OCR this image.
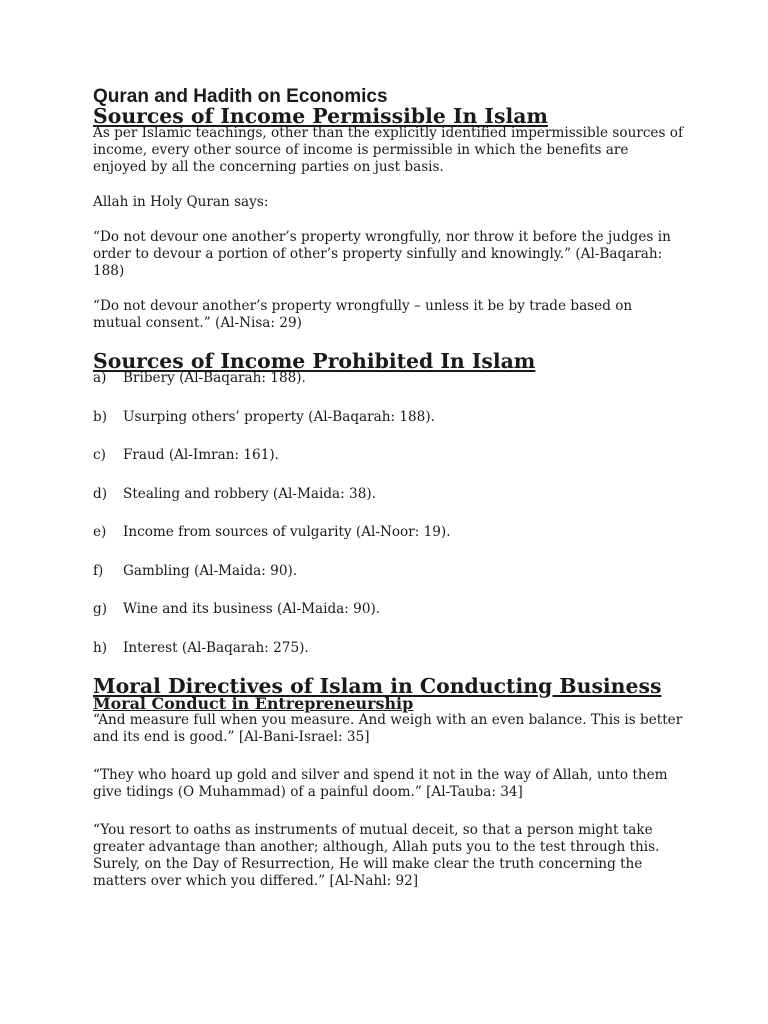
Quran and Hadith on Economics
Sources of Income Permissible In Islam

As per Islamic teachings, other than the explicitly identified impermissible sources of income, every other source of income is permissible in which the benefits are enjoyed by all the concerning parties on just basis.

Allah in Holy Quran says:

“Do not devour one another’s property wrongfully, nor throw it before the judges in order to devour a portion of other’s property sinfully and knowingly.” (Al-Baqarah: 188)

“Do not devour another’s property wrongfully – unless it be by trade based on mutual consent.” (Al-Nisa: 29)

Sources of Income Prohibited In Islam
a)	Bribery (Al-Baqarah: 188).
b)	Usurping others’ property (Al-Baqarah: 188).
c)	Fraud (Al-Imran: 161).
d)	Stealing and robbery (Al-Maida: 38).
e)	Income from sources of vulgarity (Al-Noor: 19).
f)	Gambling (Al-Maida: 90).
g)	Wine and its business (Al-Maida: 90).
h)	Interest (Al-Baqarah: 275).
Moral Directives of Islam in Conducting Business
Moral Conduct in Entrepreneurship

“And measure full when you measure. And weigh with an even balance. This is better and its end is good.” [Al-Bani-Israel: 35]

“They who hoard up gold and silver and spend it not in the way of Allah, unto them give tidings (O Muhammad) of a painful doom.” [Al-Tauba: 34]

“You resort to oaths as instruments of mutual deceit, so that a person might take greater advantage than another; although, Allah puts you to the test through this. Surely, on the Day of Resurrection, He will make clear the truth concerning the matters over which you differed.” [Al-Nahl: 92]
